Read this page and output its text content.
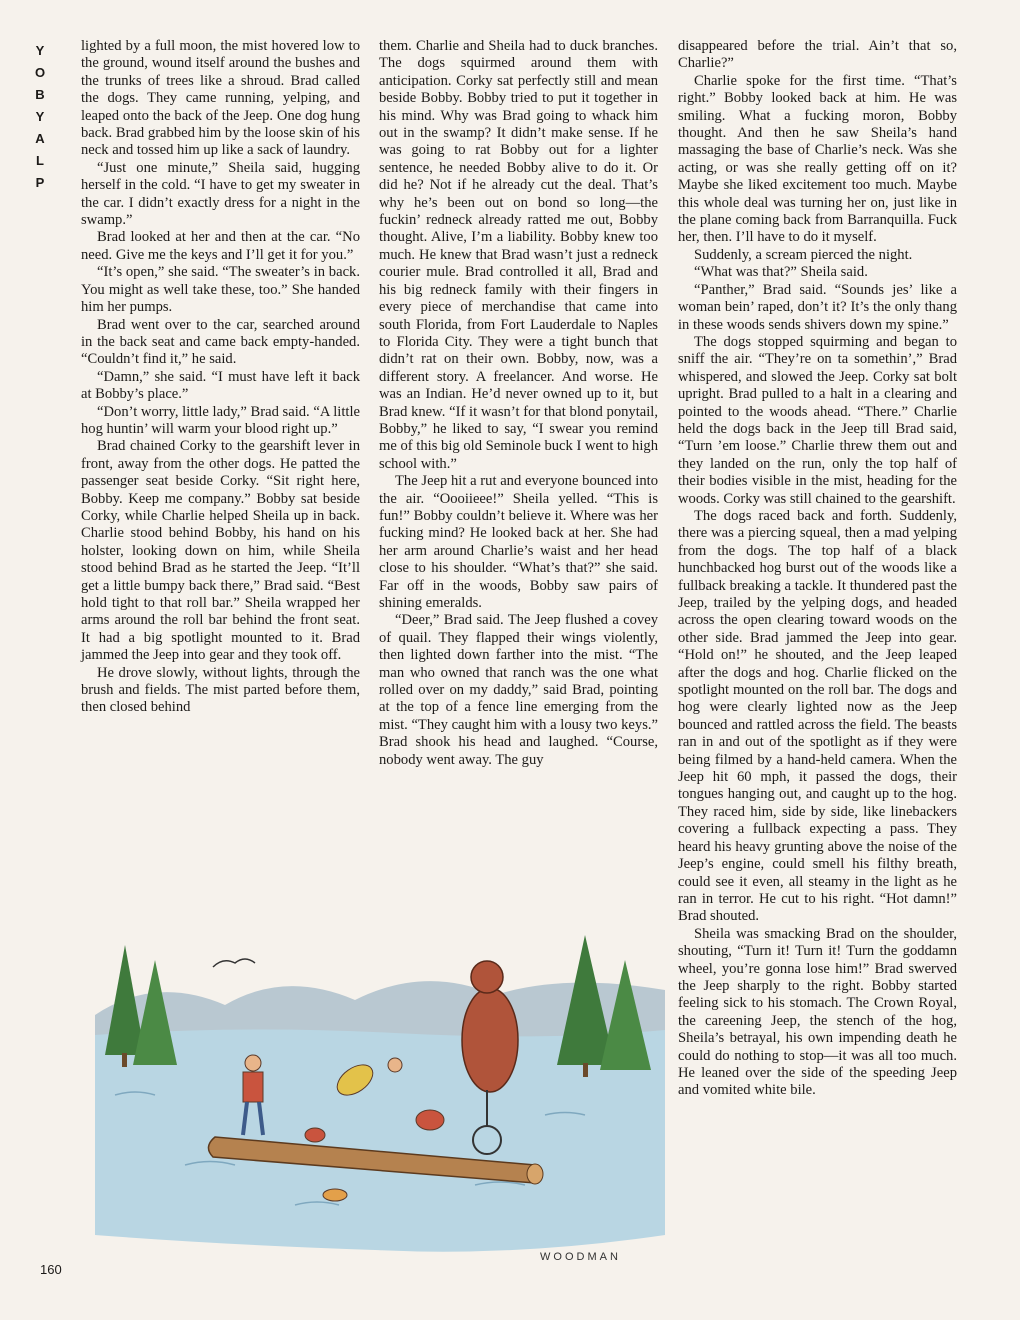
Y
O
B
Y
A
L
P

lighted by a full moon, the mist hovered low to the ground, wound itself around the bushes and the trunks of trees like a shroud. Brad called the dogs. They came running, yelping, and leaped onto the back of the Jeep. One dog hung back. Brad grabbed him by the loose skin of his neck and tossed him up like a sack of laundry.

“Just one minute,” Sheila said, hugging herself in the cold. “I have to get my sweater in the car. I didn’t exactly dress for a night in the swamp.”

Brad looked at her and then at the car. “No need. Give me the keys and I’ll get it for you.”

“It’s open,” she said. “The sweater’s in back. You might as well take these, too.” She handed him her pumps.

Brad went over to the car, searched around in the back seat and came back empty-handed. “Couldn’t find it,” he said.

“Damn,” she said. “I must have left it back at Bobby’s place.”

“Don’t worry, little lady,” Brad said. “A little hog huntin’ will warm your blood right up.”

Brad chained Corky to the gearshift lever in front, away from the other dogs. He patted the passenger seat beside Corky. “Sit right here, Bobby. Keep me company.” Bobby sat beside Corky, while Charlie helped Sheila up in back. Charlie stood behind Bobby, his hand on his holster, looking down on him, while Sheila stood behind Brad as he started the Jeep. “It’ll get a little bumpy back there,” Brad said. “Best hold tight to that roll bar.” Sheila wrapped her arms around the roll bar behind the front seat. It had a big spotlight mounted to it. Brad jammed the Jeep into gear and they took off.

He drove slowly, without lights, through the brush and fields. The mist parted before them, then closed behind

them. Charlie and Sheila had to duck branches. The dogs squirmed around them with anticipation. Corky sat perfectly still and mean beside Bobby. Bobby tried to put it together in his mind. Why was Brad going to whack him out in the swamp? It didn’t make sense. If he was going to rat Bobby out for a lighter sentence, he needed Bobby alive to do it. Or did he? Not if he already cut the deal. That’s why he’s been out on bond so long—the fuckin’ redneck already ratted me out, Bobby thought. Alive, I’m a liability. Bobby knew too much. He knew that Brad wasn’t just a redneck courier mule. Brad controlled it all, Brad and his big redneck family with their fingers in every piece of merchandise that came into south Florida, from Fort Lauderdale to Naples to Florida City. They were a tight bunch that didn’t rat on their own. Bobby, now, was a different story. A freelancer. And worse. He was an Indian. He’d never owned up to it, but Brad knew. “If it wasn’t for that blond ponytail, Bobby,” he liked to say, “I swear you remind me of this big old Seminole buck I went to high school with.”

The Jeep hit a rut and everyone bounced into the air. “Oooiieee!” Sheila yelled. “This is fun!” Bobby couldn’t believe it. Where was her fucking mind? He looked back at her. She had her arm around Charlie’s waist and her head close to his shoulder. “What’s that?” she said. Far off in the woods, Bobby saw pairs of shining emeralds.

“Deer,” Brad said. The Jeep flushed a covey of quail. They flapped their wings violently, then lighted down farther into the mist. “The man who owned that ranch was the one what rolled over on my daddy,” said Brad, pointing at the top of a fence line emerging from the mist. “They caught him with a lousy two keys.” Brad shook his head and laughed. “Course, nobody went away. The guy

disappeared before the trial. Ain’t that so, Charlie?”

Charlie spoke for the first time. “That’s right.” Bobby looked back at him. He was smiling. What a fucking moron, Bobby thought. And then he saw Sheila’s hand massaging the base of Charlie’s neck. Was she acting, or was she really getting off on it? Maybe she liked excitement too much. Maybe this whole deal was turning her on, just like in the plane coming back from Barranquilla. Fuck her, then. I’ll have to do it myself.

Suddenly, a scream pierced the night.

“What was that?” Sheila said.

“Panther,” Brad said. “Sounds jes’ like a woman bein’ raped, don’t it? It’s the only thang in these woods sends shivers down my spine.”

The dogs stopped squirming and began to sniff the air. “They’re on ta somethin’,” Brad whispered, and slowed the Jeep. Corky sat bolt upright. Brad pulled to a halt in a clearing and pointed to the woods ahead. “There.” Charlie held the dogs back in the Jeep till Brad said, “Turn ’em loose.” Charlie threw them out and they landed on the run, only the top half of their bodies visible in the mist, heading for the woods. Corky was still chained to the gearshift.

The dogs raced back and forth. Suddenly, there was a piercing squeal, then a mad yelping from the dogs. The top half of a black hunchbacked hog burst out of the woods like a fullback breaking a tackle. It thundered past the Jeep, trailed by the yelping dogs, and headed across the open clearing toward woods on the other side. Brad jammed the Jeep into gear. “Hold on!” he shouted, and the Jeep leaped after the dogs and hog. Charlie flicked on the spotlight mounted on the roll bar. The dogs and hog were clearly lighted now as the Jeep bounced and rattled across the field. The beasts ran in and out of the spotlight as if they were being filmed by a hand-held camera. When the Jeep hit 60 mph, it passed the dogs, their tongues hanging out, and caught up to the hog. They raced him, side by side, like linebackers covering a fullback expecting a pass. They heard his heavy grunting above the noise of the Jeep’s engine, could smell his filthy breath, could see it even, all steamy in the light as he ran in terror. He cut to his right. “Hot damn!” Brad shouted.

Sheila was smacking Brad on the shoulder, shouting, “Turn it! Turn it! Turn the goddamn wheel, you’re gonna lose him!” Brad swerved the Jeep sharply to the right. Bobby started feeling sick to his stomach. The Crown Royal, the careening Jeep, the stench of the hog, Sheila’s betrayal, his own impending death he could do nothing to stop—it was all too much. He leaned over the side of the speeding Jeep and vomited white bile.

WOODMAN
160
